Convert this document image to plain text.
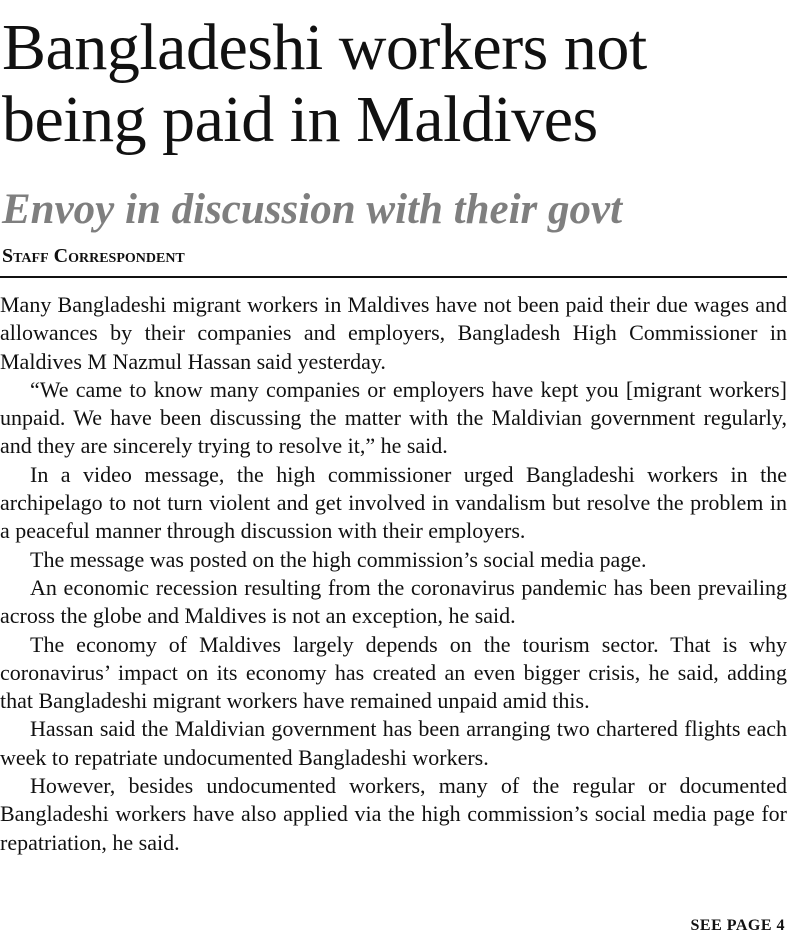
Bangladeshi workers not being paid in Maldives
Envoy in discussion with their govt
Staff Correspondent

Many Bangladeshi migrant workers in Maldives have not been paid their due wages and allowances by their companies and employers, Bangladesh High Commissioner in Maldives M Nazmul Hassan said yesterday.

“We came to know many companies or employers have kept you [migrant workers] unpaid. We have been discussing the matter with the Maldivian government regularly, and they are sincerely trying to resolve it,” he said.

In a video message, the high commissioner urged Bangladeshi workers in the archipelago to not turn violent and get involved in vandalism but resolve the problem in a peaceful manner through discussion with their employers.

The message was posted on the high commission’s social media page.

An economic recession resulting from the coronavirus pandemic has been prevailing across the globe and Maldives is not an exception, he said.

The economy of Maldives largely depends on the tourism sector. That is why coronavirus’ impact on its economy has created an even bigger crisis, he said, adding that Bangladeshi migrant workers have remained unpaid amid this.

Hassan said the Maldivian government has been arranging two chartered flights each week to repatriate undocumented Bangladeshi workers.

However, besides undocumented workers, many of the regular or documented Bangladeshi workers have also applied via the high commission’s social media page for repatriation, he said.

SEE PAGE 4
